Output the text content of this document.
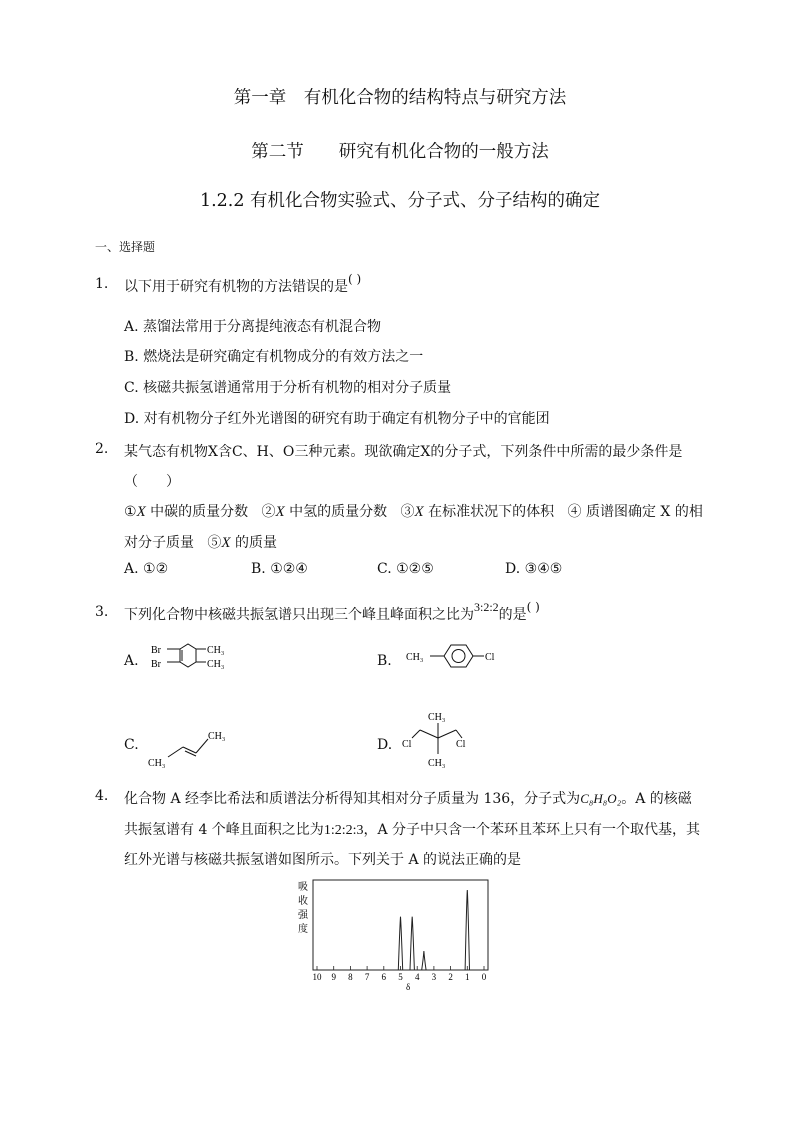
第一章　有机化合物的结构特点与研究方法
第二节　　研究有机化合物的一般方法
1.2.2 有机化合物实验式、分子式、分子结构的确定
一、选择题
1. 以下用于研究有机物的方法错误的是( )
A. 蒸馏法常用于分离提纯液态有机混合物
B. 燃烧法是研究确定有机物成分的有效方法之一
C. 核磁共振氢谱通常用于分析有机物的相对分子质量
D. 对有机物分子红外光谱图的研究有助于确定有机物分子中的官能团
2. 某气态有机物X含C、H、O三种元素。现欲确定X的分子式，下列条件中所需的最少条件是
（　　）
①X 中碳的质量分数 ②X 中氢的质量分数 ③X 在标准状况下的体积 ④ 质谱图确定 X 的相
对分子质量 ⑤X 的质量
A. ①②	B. ①②④	C. ①②⑤	D. ③④⑤
3. 下列化合物中核磁共振氢谱只出现三个峰且峰面积之比为3:2:2的是( )
A.
Br
Br
CH₃
CH₃	B. CH₃	Cl
C.
CH₃
CH₃
D.
CH₃
Cl	Cl
CH₃
4. 化合物 A 经李比希法和质谱法分析得知其相对分子质量为 136，分子式为C₈H₈O₂。A 的核磁
共振氢谱有 4 个峰且面积之比为1:2:2:3，A 分子中只含一个苯环且苯环上只有一个取代基，其
红外光谱与核磁共振氢谱如图所示。下列关于 A 的说法正确的是
吸
收
强
度
10 9 8 7 6 5 4 3 2 1 0
δ
